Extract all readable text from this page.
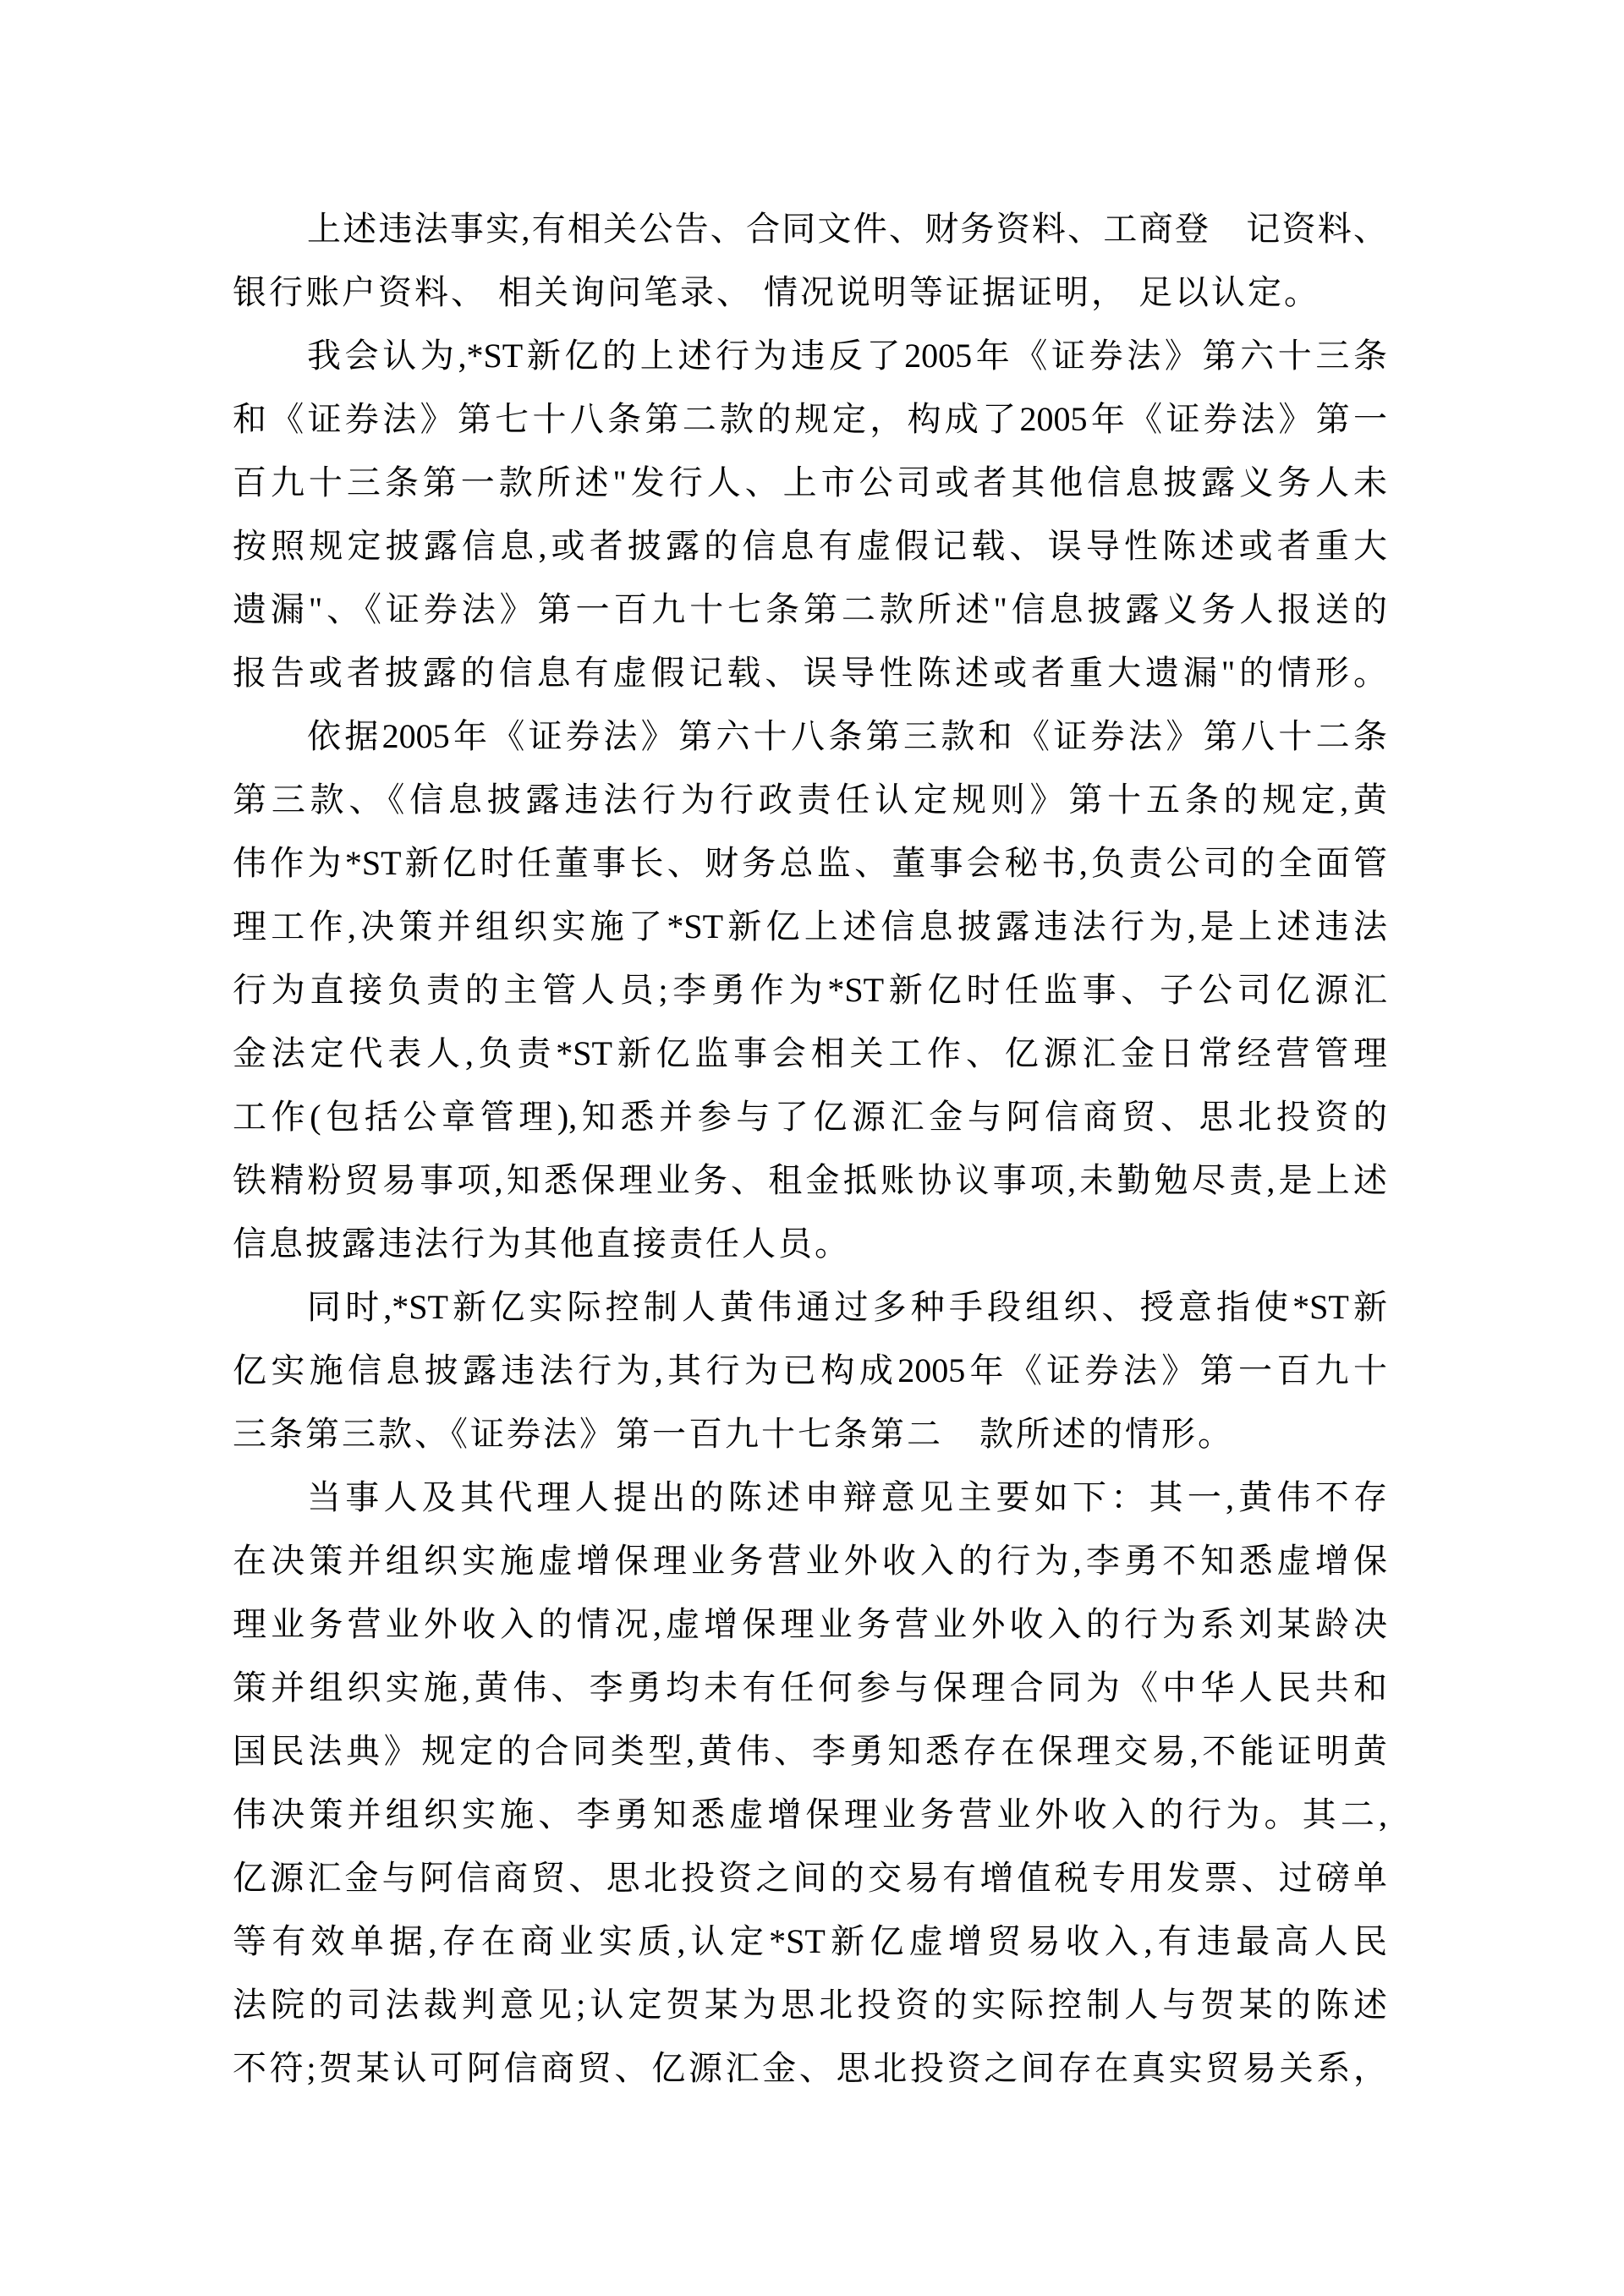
上述违法事实,有相关公告、合同文件、财务资料、工商登　记资料、
银行账户资料、 相关询问笔录、 情况说明等证据证明， 足以认定。
我会认为,*ST新亿的上述行为违反了2005年《证券法》第六十三条
和《证券法》第七十八条第二款的规定，构成了2005年《证券法》第一
百九十三条第一款所述"发行人、上市公司或者其他信息披露义务人未
按照规定披露信息,或者披露的信息有虚假记载、误导性陈述或者重大
遗漏"、《证券法》第一百九十七条第二款所述"信息披露义务人报送的
报告或者披露的信息有虚假记载、误导性陈述或者重大遗漏"的情形。
依据2005年《证券法》第六十八条第三款和《证券法》第八十二条
第三款、《信息披露违法行为行政责任认定规则》第十五条的规定,黄
伟作为*ST新亿时任董事长、财务总监、董事会秘书,负责公司的全面管
理工作,决策并组织实施了*ST新亿上述信息披露违法行为,是上述违法
行为直接负责的主管人员;李勇作为*ST新亿时任监事、子公司亿源汇
金法定代表人,负责*ST新亿监事会相关工作、亿源汇金日常经营管理
工作(包括公章管理),知悉并参与了亿源汇金与阿信商贸、思北投资的
铁精粉贸易事项,知悉保理业务、租金抵账协议事项,未勤勉尽责,是上述
信息披露违法行为其他直接责任人员。
同时,*ST新亿实际控制人黄伟通过多种手段组织、授意指使*ST新
亿实施信息披露违法行为,其行为已构成2005年《证券法》第一百九十
三条第三款、《证券法》第一百九十七条第二　款所述的情形。
当事人及其代理人提出的陈述申辩意见主要如下：其一,黄伟不存
在决策并组织实施虚增保理业务营业外收入的行为,李勇不知悉虚增保
理业务营业外收入的情况,虚增保理业务营业外收入的行为系刘某龄决
策并组织实施,黄伟、李勇均未有任何参与保理合同为《中华人民共和
国民法典》规定的合同类型,黄伟、李勇知悉存在保理交易,不能证明黄
伟决策并组织实施、李勇知悉虚增保理业务营业外收入的行为。其二,
亿源汇金与阿信商贸、思北投资之间的交易有增值税专用发票、过磅单
等有效单据,存在商业实质,认定*ST新亿虚增贸易收入,有违最高人民
法院的司法裁判意见;认定贺某为思北投资的实际控制人与贺某的陈述
不符;贺某认可阿信商贸、亿源汇金、思北投资之间存在真实贸易关系，
